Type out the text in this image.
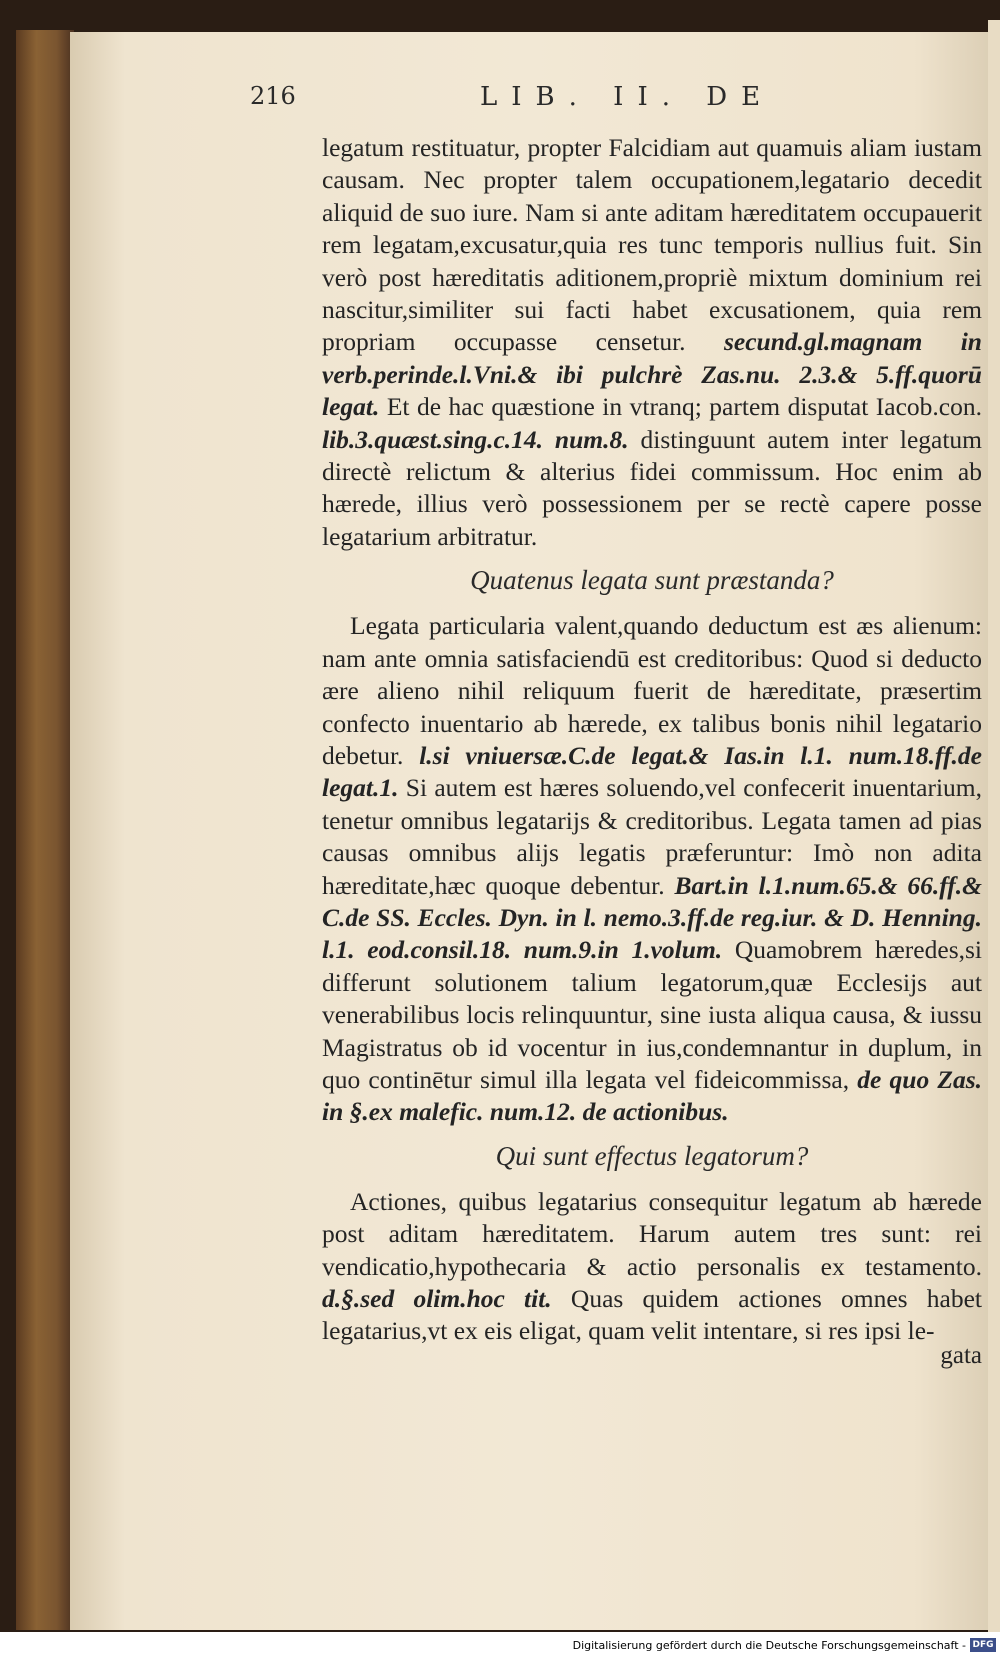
216	LIB. II. DE

legatum restituatur, propter Falcidiam aut quamuis aliam iustam causam. Nec propter talem occupationem,legatario decedit aliquid de suo iure. Nam si ante aditam hæreditatem occupauerit rem legatam,excusatur,quia res tunc temporis nullius fuit. Sin verò post hæreditatis aditionem,propriè mixtum dominium rei nascitur,similiter sui facti habet excusationem, quia rem propriam occupasse censetur. secund.gl.magnam in verb.perinde.l.Vni.& ibi pulchrè Zas.nu. 2.3.& 5.ff.quorū legat. Et de hac quæstione in vtranq; partem disputat Iacob.con. lib.3.quæst.sing.c.14. num.8. distinguunt autem inter legatum directè relictum & alterius fidei commissum. Hoc enim ab hærede, illius verò possessionem per se rectè capere posse legatarium arbitratur.

Quatenus legata sunt præstanda?

Legata particularia valent,quando deductum est æs alienum: nam ante omnia satisfaciendū est creditoribus: Quod si deducto ære alieno nihil reliquum fuerit de hæreditate, præsertim confecto inuentario ab hærede, ex talibus bonis nihil legatario debetur. l.si vniuersæ.C.de legat.& Ias.in l.1. num.18.ff.de legat.1. Si autem est hæres soluendo,vel confecerit inuentarium, tenetur omnibus legatarijs & creditoribus. Legata tamen ad pias causas omnibus alijs legatis præferuntur: Imò non adita hæreditate,hæc quoque debentur. Bart.in l.1.num.65.& 66.ff.& C.de SS. Eccles. Dyn. in l. nemo.3.ff.de reg.iur. & D. Henning. l.1. eod.consil.18. num.9.in 1.volum. Quamobrem hæredes,si differunt solutionem talium legatorum,quæ Ecclesijs aut venerabilibus locis relinquuntur, sine iusta aliqua causa, & iussu Magistratus ob id vocentur in ius,condemnantur in duplum, in quo continētur simul illa legata vel fideicommissa, de quo Zas. in §.ex malefic. num.12. de actionibus.

Qui sunt effectus legatorum?

Actiones, quibus legatarius consequitur legatum ab hærede post aditam hæreditatem. Harum autem tres sunt: rei vendicatio,hypothecaria & actio personalis ex testamento. d.§.sed olim.hoc tit. Quas quidem actiones omnes habet legatarius,vt ex eis eligat, quam velit intentare, si res ipsi le-

gata
Digitalisierung gefördert durch die Deutsche Forschungsgemeinschaft - DFG
